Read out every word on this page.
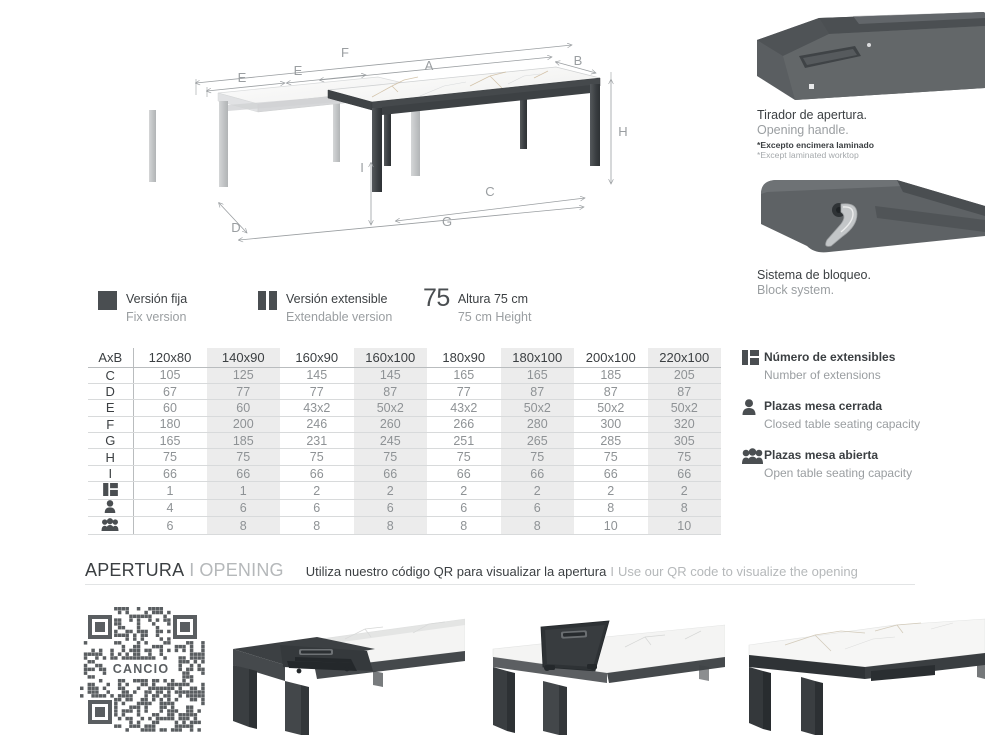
F
A	B
E	E
H
I
C
G
D
Tirador de apertura.
Opening handle.
*Excepto encimera laminado
*Except laminated worktop
Sistema de bloqueo.
Block system.
Versión fija
Fix version
Versión extensible
Extendable version
75 Altura 75 cm
75 cm Height
AxB	120x80	140x90	160x90	160x100	180x90	180x100	200x100	220x100
C	105	125	145	145	165	165	185	205
D	67	77	77	87	77	87	87	87
E	60	60	43x2	50x2	43x2	50x2	50x2	50x2
F	180	200	246	260	266	280	300	320
G	165	185	231	245	251	265	285	305
H	75	75	75	75	75	75	75	75
I	66	66	66	66	66	66	66	66
	1	1	2	2	2	2	2	2
	4	6	6	6	6	6	8	8
	6	8	8	8	8	8	10	10
Número de extensibles
Number of extensions
Plazas mesa cerrada
Closed table seating capacity
Plazas mesa abierta
Open table seating capacity
APERTURA I OPENING Utiliza nuestro código QR para visualizar la apertura I Use our QR code to visualize the opening
CANCIO
